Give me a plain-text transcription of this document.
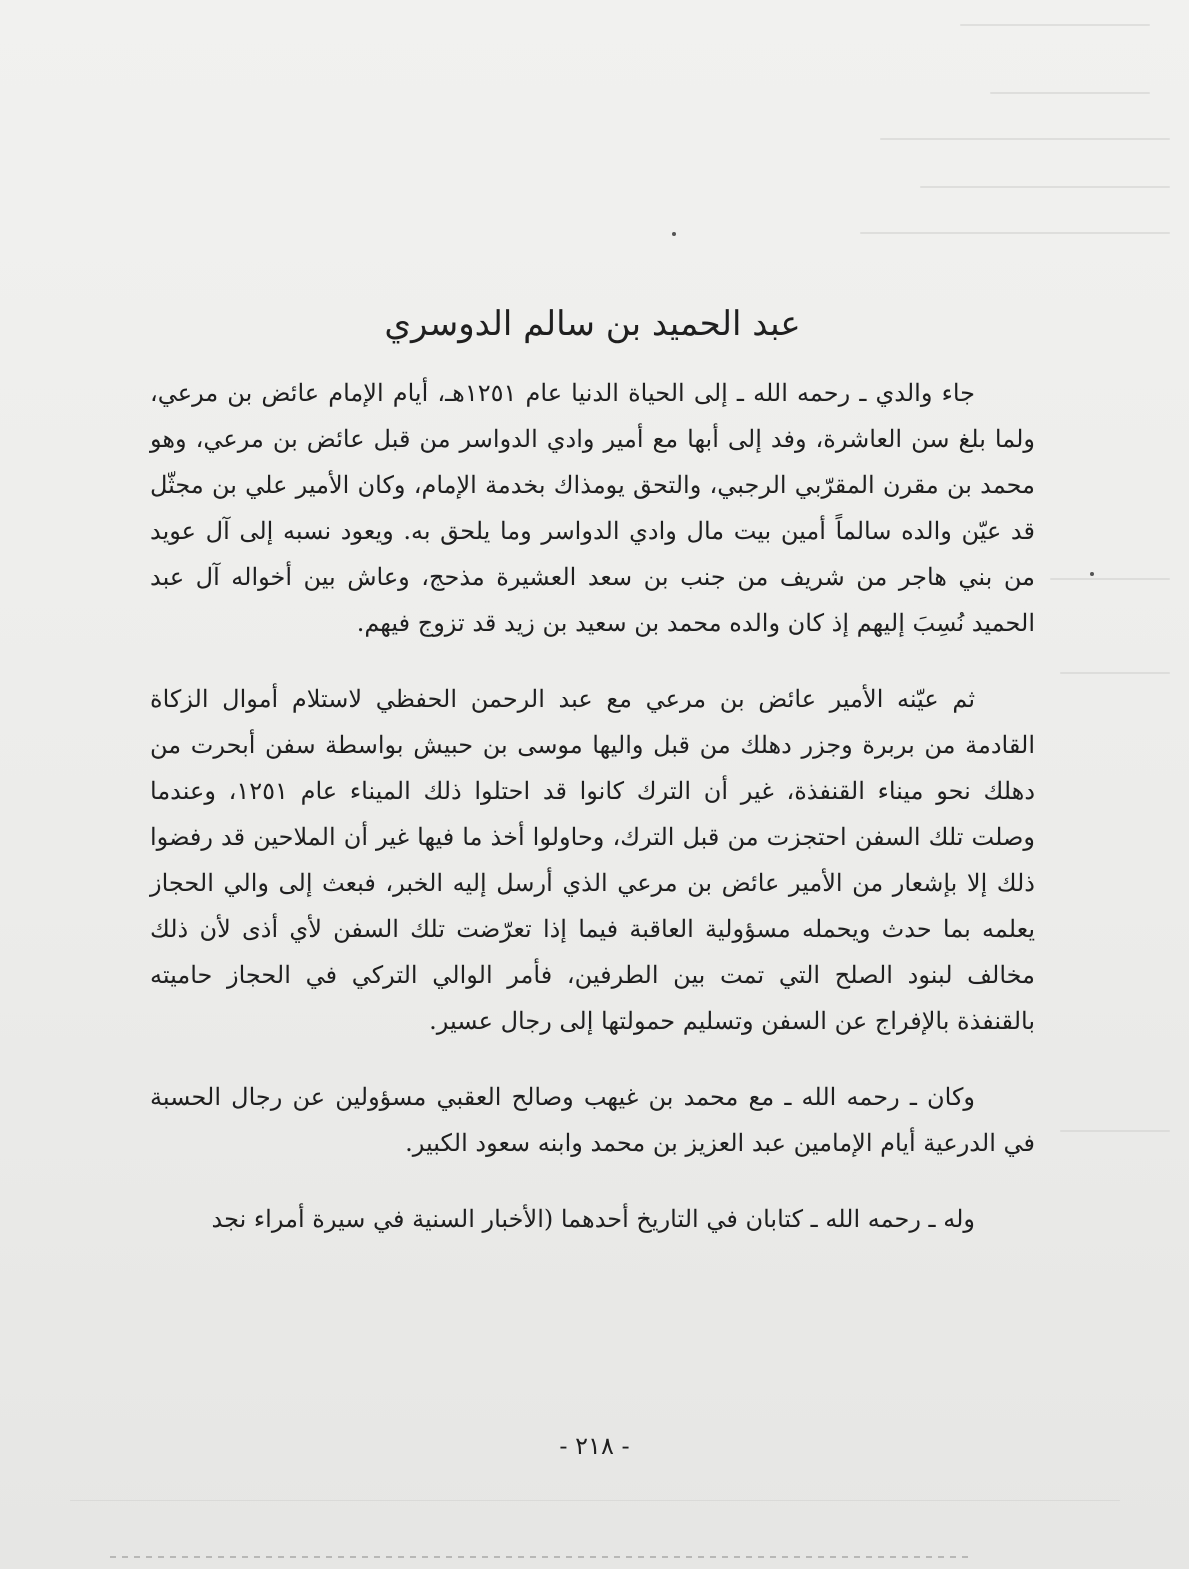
عبد الحميد بن سالم الدوسري

جاء والدي ـ رحمه الله ـ إلى الحياة الدنيا عام ١٢٥١هـ، أيام الإمام عائض بن مرعي، ولما بلغ سن العاشرة، وفد إلى أبها مع أمير وادي الدواسر من قبل عائض بن مرعي، وهو محمد بن مقرن المقرّبي الرجبي، والتحق يومذاك بخدمة الإمام، وكان الأمير علي بن مجثّل قد عيّن والده سالماً أمين بيت مال وادي الدواسر وما يلحق به. ويعود نسبه إلى آل عويد من بني هاجر من شريف من جنب بن سعد العشيرة مذحج، وعاش بين أخواله آل عبد الحميد نُسِبَ إليهم إذ كان والده محمد بن سعيد بن زيد قد تزوج فيهم.

ثم عيّنه الأمير عائض بن مرعي مع عبد الرحمن الحفظي لاستلام أموال الزكاة القادمة من بربرة وجزر دهلك من قبل واليها موسى بن حبيش بواسطة سفن أبحرت من دهلك نحو ميناء القنفذة، غير أن الترك كانوا قد احتلوا ذلك الميناء عام ١٢٥١، وعندما وصلت تلك السفن احتجزت من قبل الترك، وحاولوا أخذ ما فيها غير أن الملاحين قد رفضوا ذلك إلا بإشعار من الأمير عائض بن مرعي الذي أرسل إليه الخبر، فبعث إلى والي الحجاز يعلمه بما حدث ويحمله مسؤولية العاقبة فيما إذا تعرّضت تلك السفن لأي أذى لأن ذلك مخالف لبنود الصلح التي تمت بين الطرفين، فأمر الوالي التركي في الحجاز حاميته بالقنفذة بالإفراج عن السفن وتسليم حمولتها إلى رجال عسير.

وكان ـ رحمه الله ـ مع محمد بن غيهب وصالح العقبي مسؤولين عن رجال الحسبة في الدرعية أيام الإمامين عبد العزيز بن محمد وابنه سعود الكبير.

وله ـ رحمه الله ـ كتابان في التاريخ أحدهما (الأخبار السنية في سيرة أمراء نجد

- ٢١٨ -
